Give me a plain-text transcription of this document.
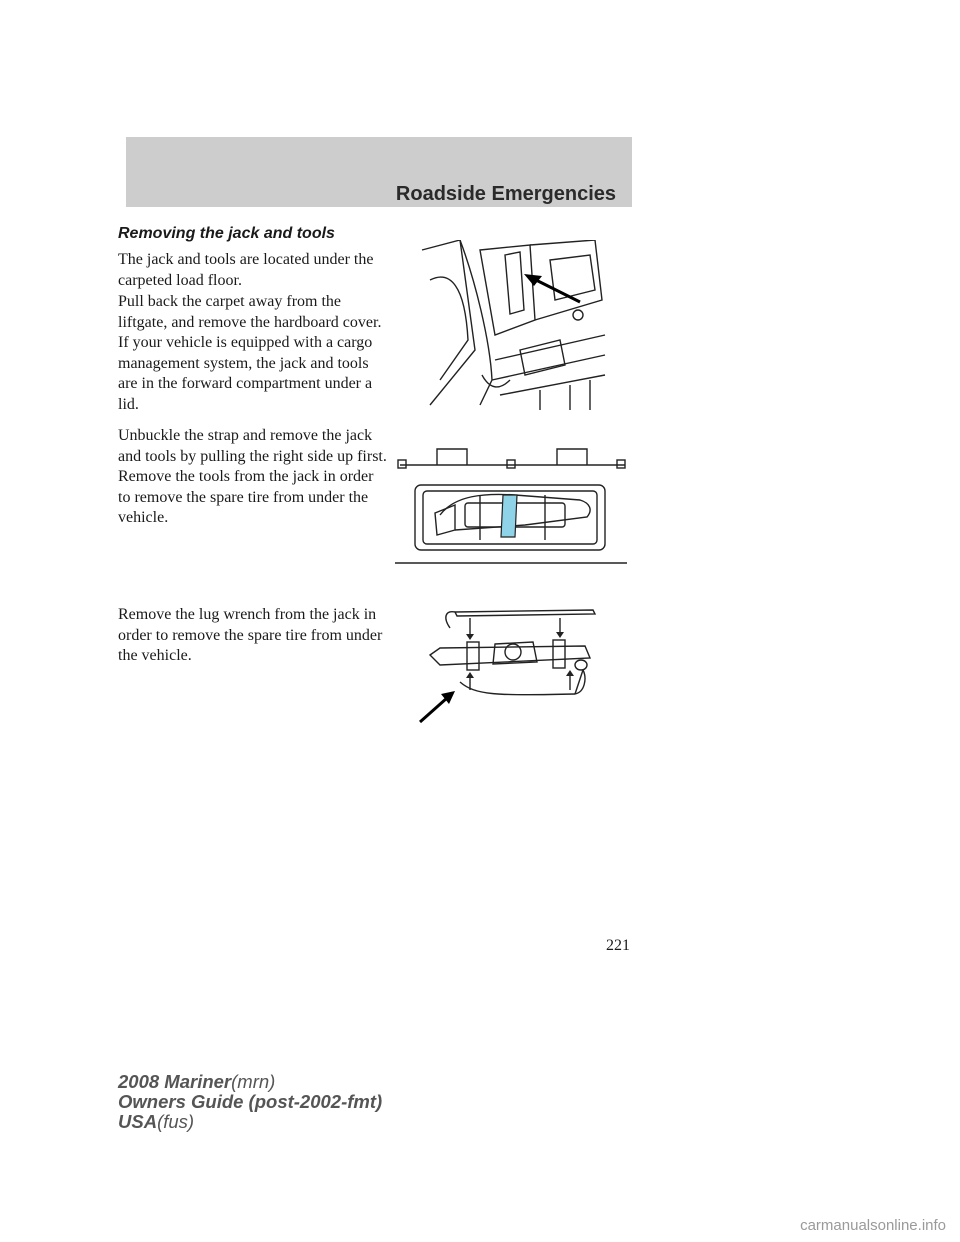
Roadside Emergencies
Removing the jack and tools

The jack and tools are located under the carpeted load floor.

Pull back the carpet away from the liftgate, and remove the hardboard cover. If your vehicle is equipped with a cargo management system, the jack and tools are in the forward compartment under a lid.

Unbuckle the strap and remove the jack and tools by pulling the right side up first. Remove the tools from the jack in order to remove the spare tire from under the vehicle.

Remove the lug wrench from the jack in order to remove the spare tire from under the vehicle.

221
2008 Mariner(mrn)
Owners Guide (post-2002-fmt)
USA(fus)
carmanualsonline.info
